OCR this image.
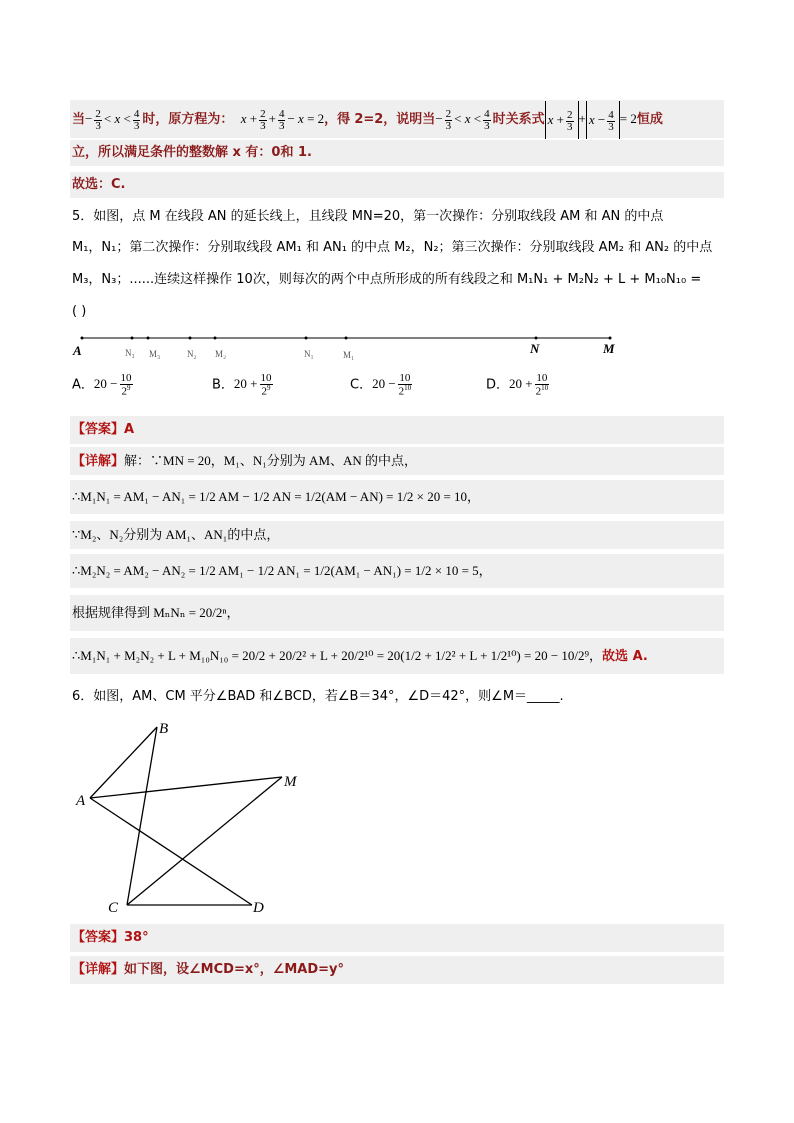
当− $\frac{2}{3} < x < \frac{4}{3}$ 时，原方程为： $x + \frac{2}{3} + \frac{4}{3} - x = 2$，得 2=2，说明当− $\frac{2}{3} < x < \frac{4}{3}$ 时关系式 $x + \frac{2}{3} + x - \frac{4}{3} = 2$恒成
立，所以满足条件的整数解 x 有：0和 1.
故选：C.
5．如图，点 M 在线段 AN 的延长线上，且线段 MN=20，第一次操作：分别取线段 AM 和 AN 的中点
M₁，N₁；第二次操作：分别取线段 AM₁ 和 AN₁ 的中点 M₂，N₂；第三次操作：分别取线段 AM₂ 和 AN₂ 的中点
M₃，N₃；......连续这样操作 10次，则每次的两个中点所形成的所有线段之和 M₁N₁ + M₂N₂ + L + M₁₀N₁₀ =
( )
A	N₃ M₃	N₂ M₂	N₁	M₁	N	M
A．$20 - \frac{10}{2^9}$	B．$20 + \frac{10}{2^9}$	C．$20 - \frac{10}{2^{10}}$	D．$20 + \frac{10}{2^{10}}$
【答案】A
【详解】解：∵MN = 20，M₁、N₁分别为 AM、AN 的中点，
∴M₁N₁ = AM₁ − AN₁ = 1/2 AM − 1/2 AN = 1/2(AM − AN) = 1/2 × 20 = 10，
∵M₂、N₂分别为 AM₁、AN₁的中点，
∴M₂N₂ = AM₂ − AN₂ = 1/2 AM₁ − 1/2 AN₁ = 1/2(AM₁ − AN₁) = 1/2 × 10 = 5，
根据规律得到 MₙNₙ = 20/2ⁿ，
∴M₁N₁ + M₂N₂ + L + M₁₀N₁₀ = 20/2 + 20/2² + L + 20/2¹⁰ = 20(1/2 + 1/2² + L + 1/2¹⁰) = 20 − 10/2⁹，故选 A.
6．如图，AM、CM 平分∠BAD 和∠BCD，若∠B＝34°，∠D＝42°，则∠M＝_____.
B
A
M
C	D
【答案】38°
【详解】如下图，设∠MCD=x°，∠MAD=y°
